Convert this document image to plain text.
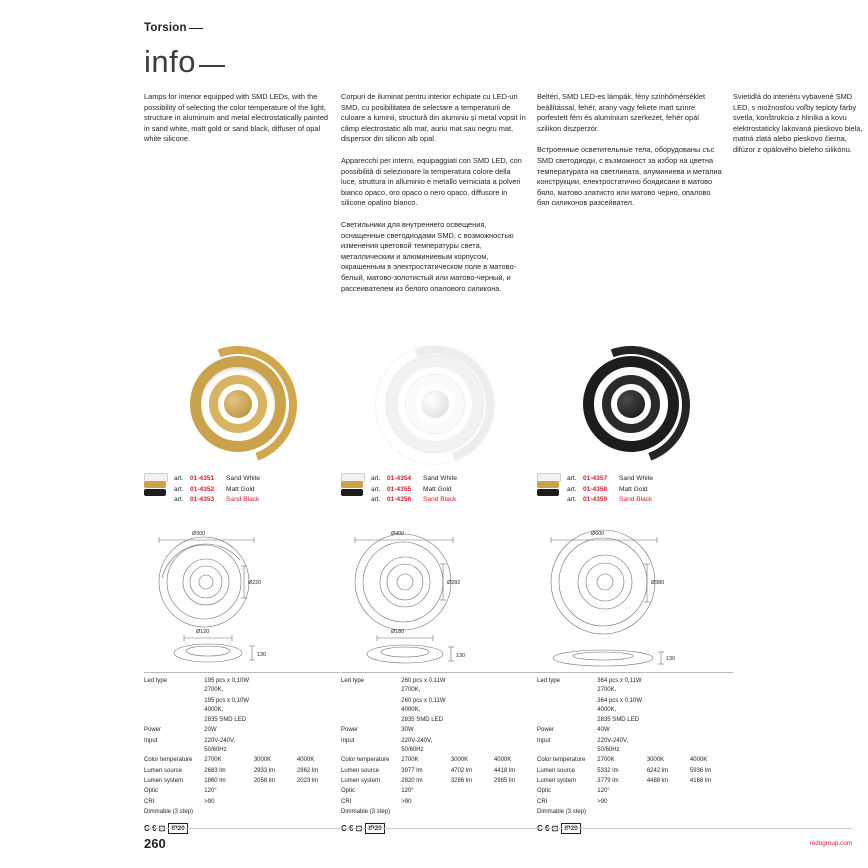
Torsion
info

Lamps for interior equipped with SMD LEDs, with the possibility of selecting the color temperature of the light, structure in aluminum and metal electrostatically painted in sand white, matt gold or sand black, diffuser of opal white silicone.

Corpuri de iluminat pentru interior echipate cu LED-uri SMD, cu posibilitatea de selectare a temperaturii de culoare a luminii, structură din aluminiu și metal vopsit în câmp electrostatic alb mat, auriu mat sau negru mat, dispersor din silicon alb opal.

Apparecchi per interni, equipaggiati con SMD LED, con possibilità di selezionare la temperatura colore della luce, struttura in alluminio e metallo verniciata a polveri bianco opaco, oro opaco o nero opaco, diffusore in silicone opalino bianco.

Светильники для внутреннего освещения, оснащенные светодиодами SMD, с возможностью изменения цветовой температуры света, металлическим и алюминиевым корпусом, окрашенным в электростатическом поле в матово-белый, матово-золотистый или матово-черный, и рассеивателем из белого опалового силикона.

Beltéri, SMD LED-es lámpák, fény színhőmérséklet beállítással, fehér, arany vagy fekete matt szinre porfestett fém és alumínium szerkezet, fehér opál szilikon diszperzór.

Встроенные осветительные тела, оборудованы със SMD светодиоди, с възможност за избор на цветна температурата на светлината, алуминиева и метална конструкции, електростатично боядисани в матово бяло, матово златисто или матово черно, опалово бял силиконов разсейвател.

Svietidlá do interiéru vybavené SMD LED, s možnosťou voľby teploty farby svetla, konštrukcia z hliníka a kovu elektrostaticky lakovaná pieskovo biela, matná zlatá alebo pieskovo čierna, difúzor z opálového bieleho silikónu.

art. 01-4351	Sand White
art. 01-4352	Matt Gold
art. 01-4353	Sand Black
Ø300
Ø220
Ø120
130
Led type	195 pcs x 0,10W 2700K,		
	195 pcs x 0,10W 4000K,		
	2835 SMD LED		
Power	20W		
Input	220V-240V, 50/60Hz		
Color temperature	2700K	3000K	4000K
Lumen source	2683 lm	2933 lm	2862 lm
Lumen system	1860 lm	2058 lm	2023 lm
Optic	120°		
CRI	>90		
Dimmable (3 step)			
C € ⊟ IP20
art. 01-4354	Sand White
art. 01-4355	Matt Gold
art. 01-4356	Sand Black
Ø400
Ø282
Ø180
130
Led type	260 pcs x 0,11W 2700K,		
	260 pcs x 0,11W 4000K,		
	2835 SMD LED		
Power	30W		
Input	220V-240V, 50/60Hz		
Color temperature	2700K	3000K	4000K
Lumen source	3977 lm	4702 lm	4418 lm
Lumen system	2820 lm	3286 lm	2985 lm
Optic	120°		
CRI	>90		
Dimmable (3 step)			
C € ⊟ IP20
art. 01-4357	Sand White
art. 01-4358	Matt Gold
art. 01-4359	Sand Black
Ø600
Ø380
130
Led type	364 pcs x 0,11W 2700K,		
	364 pcs x 0,10W 4000K,		
	2835 SMD LED		
Power	40W		
Input	220V-240V, 50/60Hz		
Color temperature	2700K	3000K	4000K
Lumen source	5332 lm	6242 lm	5936 lm
Lumen system	3779 lm	4488 lm	4168 lm
Optic	120°		
CRI	>90		
Dimmable (3 step)			
C € ⊟ IP20
260	redogroup.com
